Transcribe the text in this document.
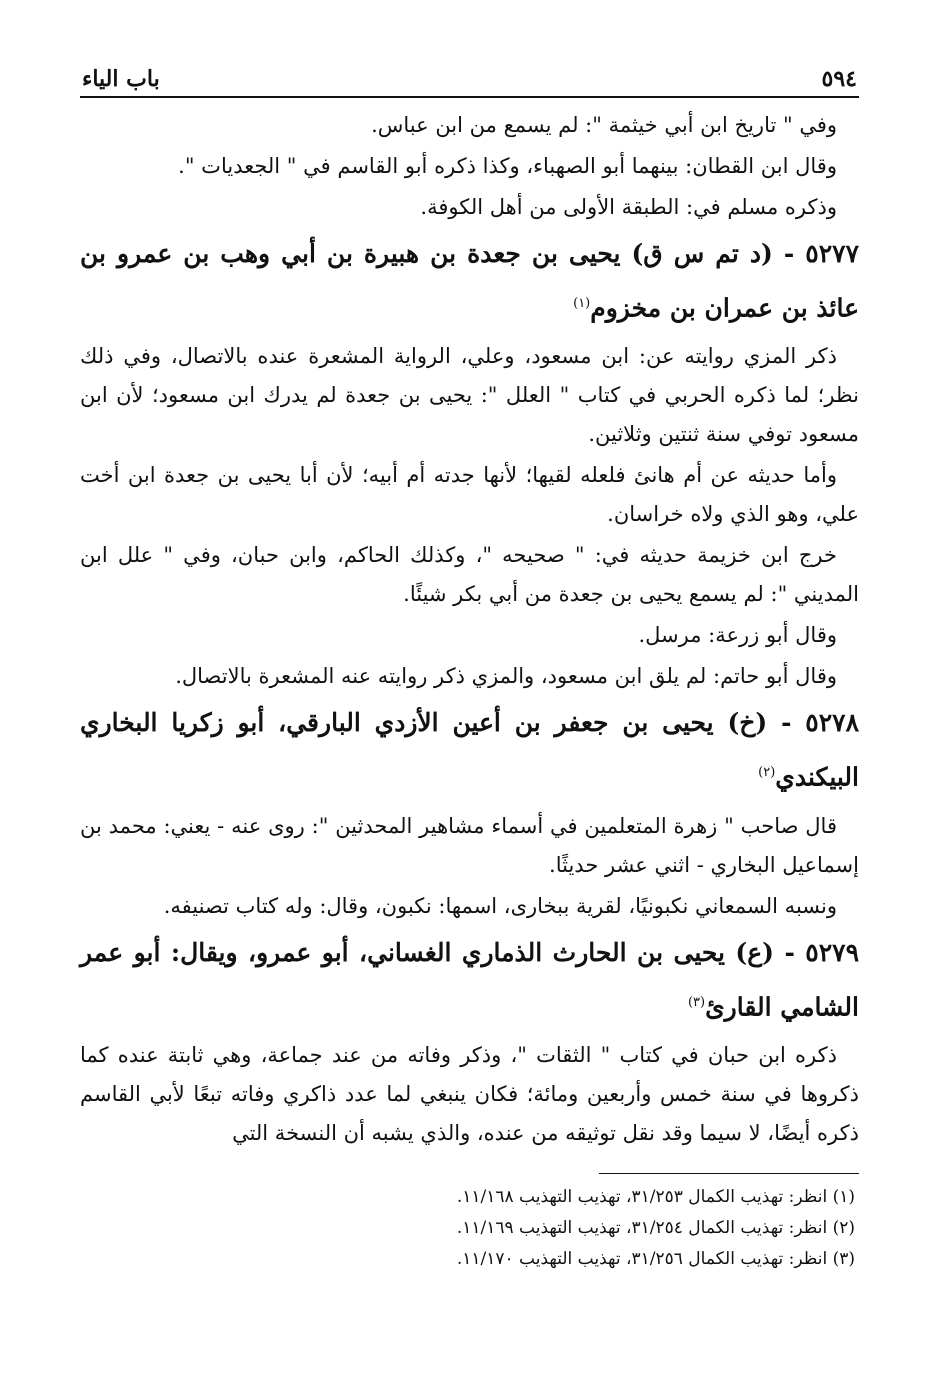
٥٩٤
باب الياء

وفي " تاريخ ابن أبي خيثمة ": لم يسمع من ابن عباس.

وقال ابن القطان: بينهما أبو الصهباء، وكذا ذكره أبو القاسم في " الجعديات ".

وذكره مسلم في: الطبقة الأولى من أهل الكوفة.

٥٢٧٧ - (د تم س ق) يحيى بن جعدة بن هبيرة بن أبي وهب بن عمرو بن عائذ بن عمران بن مخزوم$^{(١)}$

ذكر المزي روايته عن: ابن مسعود، وعلي، الرواية المشعرة عنده بالاتصال، وفي ذلك نظر؛ لما ذكره الحربي في كتاب " العلل ": يحيى بن جعدة لم يدرك ابن مسعود؛ لأن ابن مسعود توفي سنة ثنتين وثلاثين.

وأما حديثه عن أم هانئ فلعله لقيها؛ لأنها جدته أم أبيه؛ لأن أبا يحيى بن جعدة ابن أخت علي، وهو الذي ولاه خراسان.

خرج ابن خزيمة حديثه في: " صحيحه "، وكذلك الحاكم، وابن حبان، وفي " علل ابن المديني ": لم يسمع يحيى بن جعدة من أبي بكر شيئًا.

وقال أبو زرعة: مرسل.

وقال أبو حاتم: لم يلق ابن مسعود، والمزي ذكر روايته عنه المشعرة بالاتصال.

٥٢٧٨ - (خ) يحيى بن جعفر بن أعين الأزدي البارقي، أبو زكريا البخاري البيكندي$^{(٢)}$

قال صاحب " زهرة المتعلمين في أسماء مشاهير المحدثين ": روى عنه - يعني: محمد بن إسماعيل البخاري - اثني عشر حديثًا.

ونسبه السمعاني نكبونيًا، لقرية ببخارى، اسمها: نكبون، وقال: وله كتاب تصنيفه.

٥٢٧٩ - (ع) يحيى بن الحارث الذماري الغساني، أبو عمرو، ويقال: أبو عمر الشامي القارئ$^{(٣)}$

ذكره ابن حبان في كتاب " الثقات "، وذكر وفاته من عند جماعة، وهي ثابتة عنده كما ذكروها في سنة خمس وأربعين ومائة؛ فكان ينبغي لما عدد ذاكري وفاته تبعًا لأبي القاسم ذكره أيضًا، لا سيما وقد نقل توثيقه من عنده، والذي يشبه أن النسخة التي

(١) انظر: تهذيب الكمال ٣١/٢٥٣، تهذيب التهذيب ١١/١٦٨.

(٢) انظر: تهذيب الكمال ٣١/٢٥٤، تهذيب التهذيب ١١/١٦٩.

(٣) انظر: تهذيب الكمال ٣١/٢٥٦، تهذيب التهذيب ١١/١٧٠.
